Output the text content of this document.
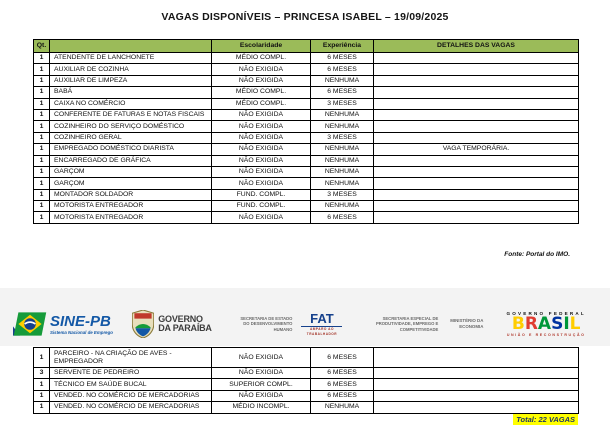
VAGAS DISPONÍVEIS – PRINCESA ISABEL – 19/09/2025
Qt.		Escolaridade	Experiência	DETALHES DAS VAGAS
1	ATENDENTE DE LANCHONETE	MÉDIO COMPL.	6 MESES	
1	AUXILIAR DE COZINHA	NÃO EXIGIDA	6 MESES	
1	AUXILIAR DE LIMPEZA	NÃO EXIGIDA	NENHUMA	
1	BABÁ	MÉDIO COMPL.	6 MESES	
1	CAIXA NO COMÉRCIO	MÉDIO COMPL.	3 MESES	
1	CONFERENTE DE FATURAS E NOTAS FISCAIS	NÃO EXIGIDA	NENHUMA	
1	COZINHEIRO DO SERVIÇO DOMÉSTICO	NÃO EXIGIDA	NENHUMA	
1	COZINHEIRO GERAL	NÃO EXIGIDA	3 MESES	
1	EMPREGADO DOMÉSTICO DIARISTA	NÃO EXIGIDA	NENHUMA	VAGA TEMPORÁRIA.
1	ENCARREGADO DE GRÁFICA	NÃO EXIGIDA	NENHUMA	
1	GARÇOM	NÃO EXIGIDA	NENHUMA	
1	GARÇOM	NÃO EXIGIDA	NENHUMA	
1	MONTADOR SOLDADOR	FUND. COMPL.	3 MESES	
1	MOTORISTA ENTREGADOR	FUND. COMPL.	NENHUMA	
1	MOTORISTA ENTREGADOR	NÃO EXIGIDA	6 MESES	
Fonte: Portal do IMO.
SINE-PB
Sistema Nacional de Emprego
GOVERNO
DA PARAÍBA
SECRETARIA DE ESTADO
DO DESENVOLVIMENTO
HUMANO
FAT
AMPARO AO
TRABALHADOR
SECRETARIA ESPECIAL DE
PRODUTIVIDADE, EMPREGO E
COMPETITIVIDADE
MINISTÉRIO DA
ECONOMIA
GOVERNO FEDERAL
BRASIL
UNIÃO E RECONSTRUÇÃO
1	PARCEIRO - NA CRIAÇÃO DE AVES - EMPREGADOR	NÃO EXIGIDA	6 MESES	
3	SERVENTE DE PEDREIRO	NÃO EXIGIDA	6 MESES	
1	TÉCNICO EM SAÚDE BUCAL	SUPERIOR COMPL.	6 MESES	
1	VENDED. NO COMÉRCIO DE MERCADORIAS	NÃO EXIGIDA	6 MESES	
1	VENDED. NO COMÉRCIO DE MERCADORIAS	MÉDIO INCOMPL.	NENHUMA	
Total: 22 VAGAS
